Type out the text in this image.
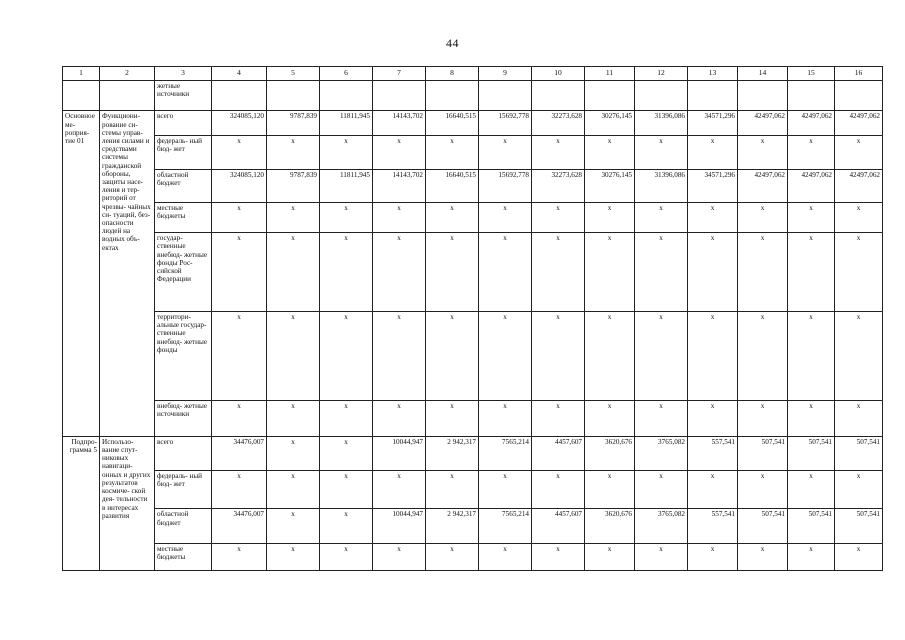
44
1	2	3	4	5	6	7	8	9	10	11	12	13	14	15	16
		жетные источники													
Основное ме- роприя- тие 01	Функциони- рование си- стемы управ- ления силами и средствами системы гражданской обороны, защиты насе- ления и тер- риторий от чрезвы- чайных си- туаций, без- опасности людей на водных объ- ектах	всего	324085,120	9787,839	11811,945	14143,702	16640,515	15692,778	32273,628	30276,145	31396,086	34571,296	42497,062	42497,062	42497,062
		федераль- ный бюд- жет	x	x	x	x	x	x	x	x	x	x	x	x	x
		областной бюджет	324085,120	9787,839	11811,945	14143,702	16640,515	15692,778	32273,628	30276,145	31396,086	34571,296	42497,062	42497,062	42497,062
		местные бюджеты	x	x	x	x	x	x	x	x	x	x	x	x	x
		государ- ственные внебюд- жетные фонды Рос- сийской Федерации	x	x	x	x	x	x	x	x	x	x	x	x	x
		территори- альные государ- ственные внебюд- жетные фонды	x	x	x	x	x	x	x	x	x	x	x	x	x
		внебюд- жетные источники	x	x	x	x	x	x	x	x	x	x	x	x	x
Подпро- грамма 5	Использо- вание спут- никовых навигаци- онных и других результатов космиче- ской дея- тельности в интересах развития	всего	34476,007	x	x	10044,947	2 942,317	7565,214	4457,607	3620,676	3765,082	557,541	507,541	507,541	507,541
		федераль- ный бюд- жет	x	x	x	x	x	x	x	x	x	x	x	x	x
		областной бюджет	34476,007	x	x	10044,947	2 942,317	7565,214	4457,607	3620,676	3765,082	557,541	507,541	507,541	507,541
		местные бюджеты	x	x	x	x	x	x	x	x	x	x	x	x	x
